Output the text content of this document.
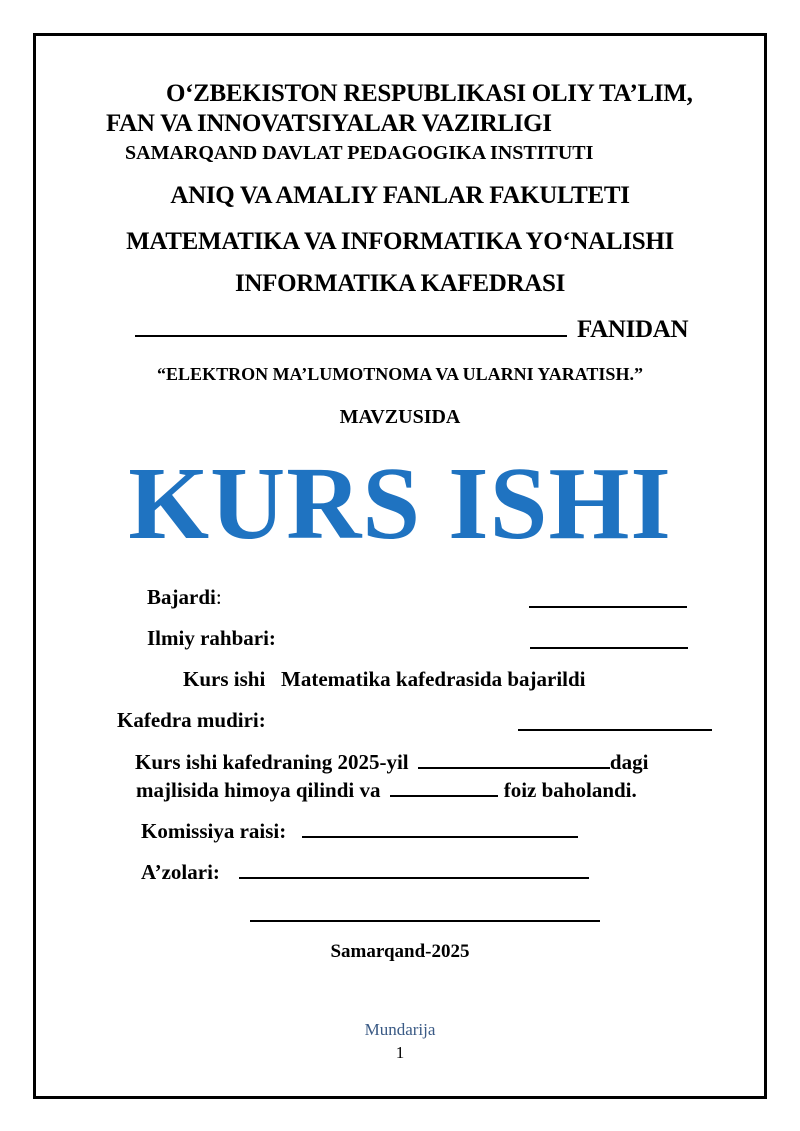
O‘ZBEKISTON RESPUBLIKASI OLIY TA’LIM,
FAN VA INNOVATSIYALAR VAZIRLIGI
SAMARQAND DAVLAT PEDAGOGIKA INSTITUTI
ANIQ VA AMALIY FANLAR FAKULTETI
MATEMATIKA VA INFORMATIKA YO‘NALISHI
INFORMATIKA KAFEDRASI
FANIDAN
“ELEKTRON MA’LUMOTNOMA VA ULARNI YARATISH.”
MAVZUSIDA
KURS ISHI
Bajardi:
Ilmiy rahbari:
Kurs ishi   Matematika kafedrasida bajarildi
Kafedra mudiri:
Kurs ishi kafedraning 2025-yil	dagi
majlisida himoya qilindi va	foiz baholandi.
Komissiya raisi:
A’zolari:
Samarqand-2025
Mundarija
1
